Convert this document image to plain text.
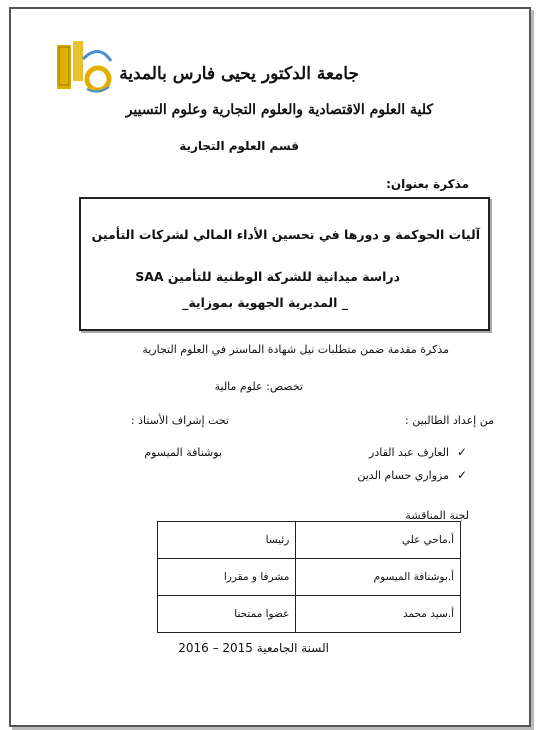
جامعة الدكتور يحيى فارس بالمدية
كلية العلوم الاقتصادية والعلوم التجارية وعلوم التسيير
قسم العلوم التجارية
مذكرة بعنوان:
آليات الحوكمة و دورها في تحسين الأداء المالي لشركات التأمين
دراسة ميدانية للشركة الوطنية للتأمين SAA
_ المديرية الجهوية بموزاية_
مذكرة مقدمة ضمن متطلبات نيل شهادة الماستر في العلوم التجارية
تخصص: علوم مالية
من إعداد الطالبين :
تحت إشراف الأستاذ :
✓
العارف عبد القادر
✓
مزواري حسام الدين
بوشنافة الميسوم
لجنة المناقشة
أ.ماحي علي	رئيسا
أ.بوشنافة الميسوم	مشرفا و مقررا
أ.سيد محمد	عضوا ممتحنا
السنة الجامعية 2015 – 2016
